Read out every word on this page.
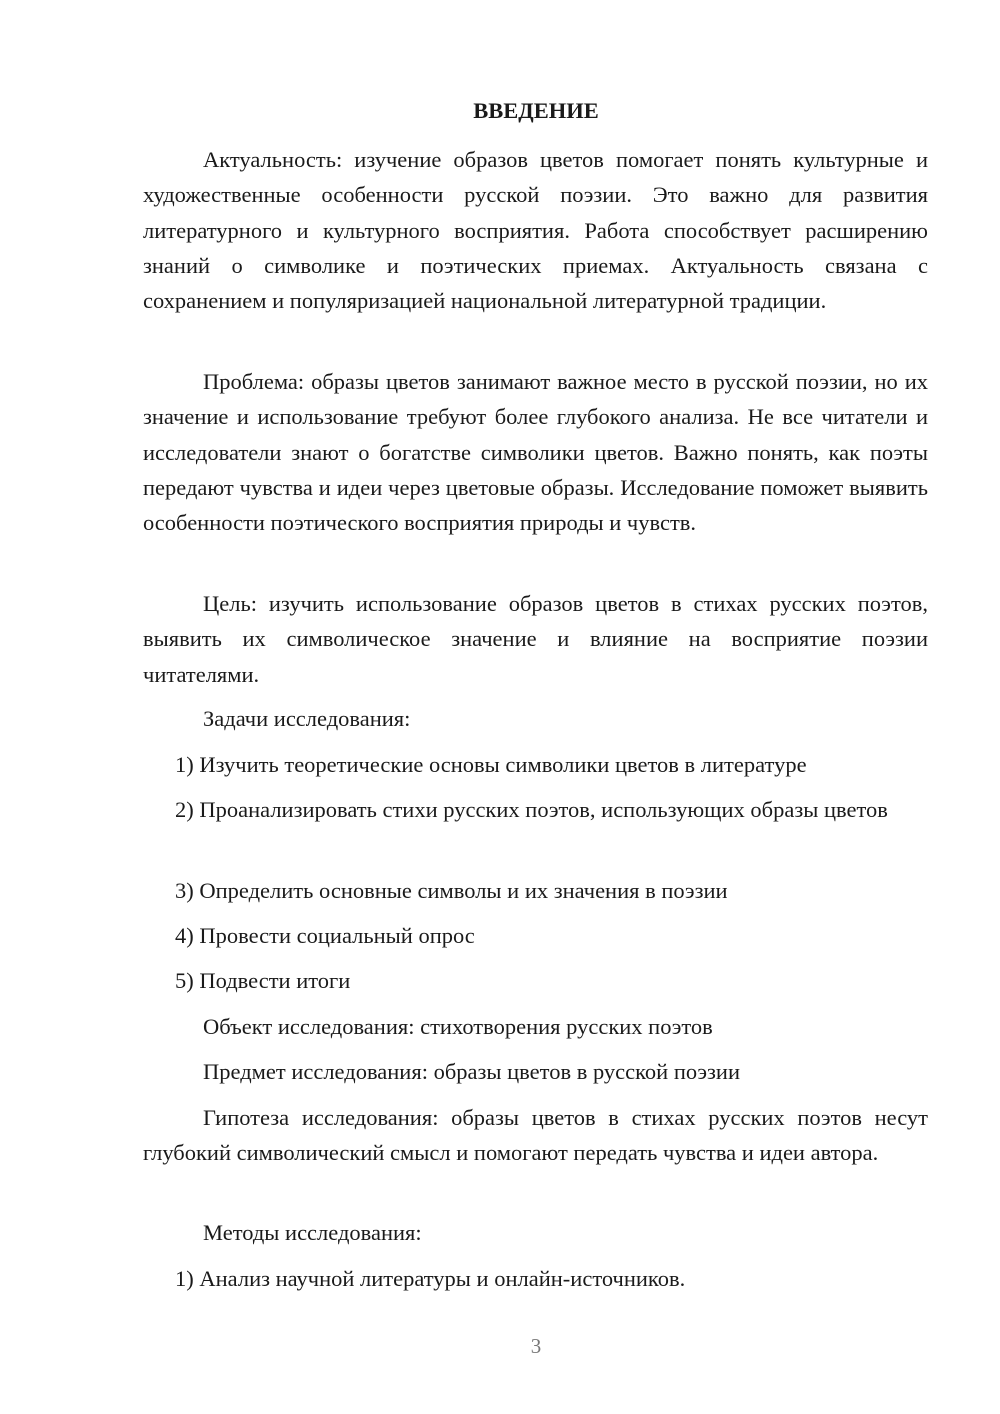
ВВЕДЕНИЕ

Актуальность: изучение образов цветов помогает понять культурные и художественные особенности русской поэзии. Это важно для развития литературного и культурного восприятия. Работа способствует расширению знаний о символике и поэтических приемах. Актуальность связана с сохранением и популяризацией национальной литературной традиции.

Проблема: образы цветов занимают важное место в русской поэзии, но их значение и использование требуют более глубокого анализа. Не все читатели и исследователи знают о богатстве символики цветов. Важно понять, как поэты передают чувства и идеи через цветовые образы. Исследование поможет выявить особенности поэтического восприятия природы и чувств.

Цель: изучить использование образов цветов в стихах русских поэтов, выявить их символическое значение и влияние на восприятие поэзии читателями.

Задачи исследования:

1) Изучить теоретические основы символики цветов в литературе

2) Проанализировать стихи русских поэтов, использующих образы цветов

3) Определить основные символы и их значения в поэзии

4) Провести социальный опрос

5) Подвести итоги

Объект исследования: стихотворения русских поэтов

Предмет исследования: образы цветов в русской поэзии

Гипотеза исследования: образы цветов в стихах русских поэтов несут глубокий символический смысл и помогают передать чувства и идеи автора.

Методы исследования:

1) Анализ научной литературы и онлайн-источников.

3
